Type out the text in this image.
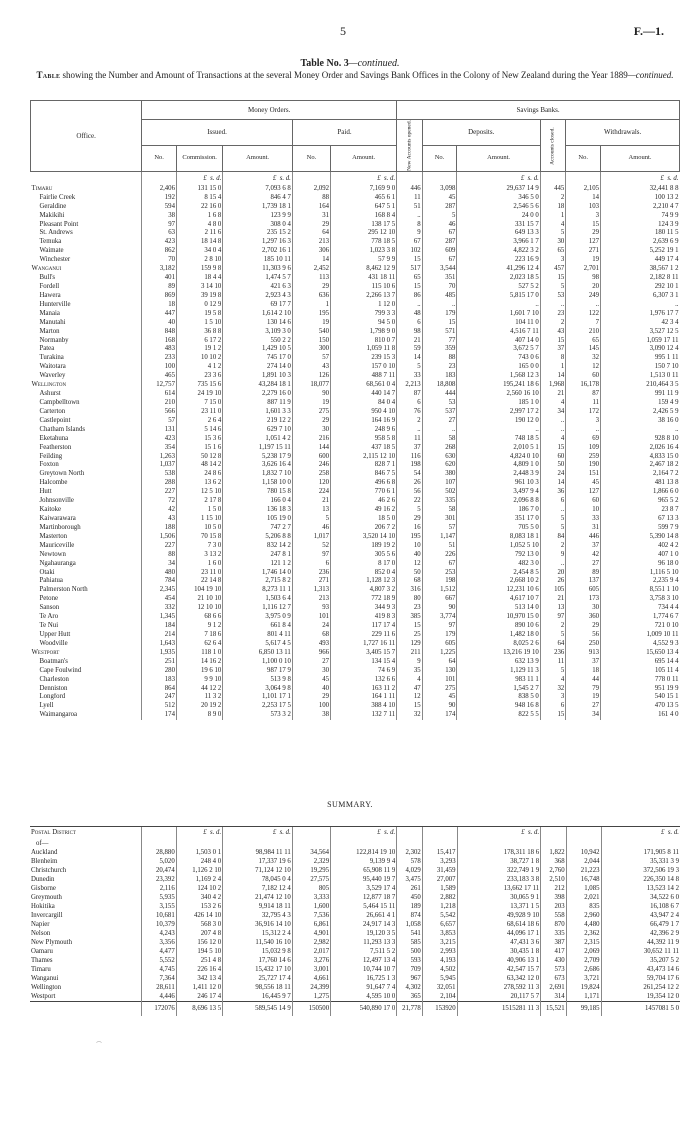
5	F.—1.
Table No. 3—continued.
Table showing the Number and Amount of Transactions at the several Money Order and Savings Bank Offices in the Colony of New Zealand during the Year 1889—continued.
Office.	Money Orders.					Savings Banks.					
	Issued.			Paid.		New Accounts opened.	Deposits.		Accounts closed.	Withdrawals.	
	No.	Commission.	Amount.	No.	Amount.		No.	Amount.		No.	Amount.
		£ s. d.	£ s. d.		£ s. d.			£ s. d.			£ s. d.
Timaru	2,406	131 15 0	7,093 6 8	2,092	7,169 9 0	446	3,098	29,637 14 9	445	2,105	32,441 8 8
Fairlie Creek	192	8 15 4	846 4 7	88	465 6 1	11	45	346 5 0	2	14	100 13 2
Geraldine	594	22 16 0	1,739 18 1	164	647 5 1	51	287	2,546 5 6	18	103	2,210 4 7
Makikihi	38	1 6 8	123 9 9	31	168 8 4	..	5	24 0 0	1	3	74 9 9
Pleasant Point	97	4 8 0	308 0 4	29	138 17 5	8	46	331 15 7	4	15	124 3 9
St. Andrews	63	2 11 6	235 15 2	64	295 12 10	9	67	649 13 3	5	29	180 11 5
Temuka	423	18 14 8	1,297 16 3	213	778 18 5	67	287	3,966 1 7	30	127	2,639 6 9
Waimate	862	34 0 4	2,702 16 1	306	1,023 3 8	102	609	4,822 3 2	65	271	5,252 19 1
Winchester	70	2 8 10	185 10 11	14	57 9 9	15	67	223 16 9	3	19	449 17 4
Wanganui	3,182	159 9 8	11,303 9 6	2,452	8,462 12 9	517	3,544	41,296 12 4	457	2,701	38,567 1 2
Bull's	401	18 4 4	1,474 5 7	113	431 18 11	65	351	2,023 18 5	15	98	2,182 8 11
Fordell	89	3 14 10	421 6 3	29	115 10 6	15	70	527 5 2	5	20	292 10 1
Hawera	869	39 19 8	2,923 4 3	636	2,266 13 7	86	485	5,815 17 0	53	249	6,307 3 1
Hunterville	18	0 12 9	69 17 7	1	1 12 0	..	..	..	..	..	..
Manaia	447	19 5 8	1,614 2 10	195	799 3 3	48	179	1,601 7 10	23	122	1,976 17 7
Manutahi	40	1 5 10	130 14 6	19	94 5 0	6	15	104 11 0	2	7	42 3 4
Marton	848	36 8 8	3,109 3 0	540	1,798 9 0	98	571	4,516 7 11	43	210	3,527 12 5
Normanby	168	6 17 2	550 2 2	150	810 0 7	21	77	407 14 0	15	65	1,059 17 11
Patea	483	19 1 2	1,429 10 5	300	1,059 11 8	59	359	3,672 5 7	37	145	3,090 12 4
Turakina	233	10 10 2	745 17 0	57	239 15 3	14	88	743 0 6	8	32	995 1 11
Waitotara	100	4 1 2	274 14 0	43	157 0 10	5	23	165 0 0	1	12	150 7 10
Waverley	465	23 3 6	1,891 10 3	126	488 7 11	33	183	1,568 12 3	14	60	1,513 0 11
Wellington	12,757	735 15 6	43,284 18 1	18,077	68,561 0 4	2,213	18,808	195,241 18 6	1,968	16,178	210,464 3 5
Ashurst	614	24 19 10	2,279 16 0	90	440 14 7	87	444	2,560 16 10	21	87	991 11 9
Campbelltown	210	7 15 0	887 11 9	19	84 0 4	6	53	185 1 0	4	11	159 4 9
Carterton	566	23 11 0	1,601 3 3	275	950 4 10	76	537	2,997 17 2	34	172	2,426 5 9
Castlepoint	57	2 6 4	219 12 2	29	164 16 9	2	27	190 12 0	..	3	38 16 0
Chatham Islands	131	5 14 6	629 7 10	30	248 9 6	..	..	..	..	..	..
Eketahuna	423	15 3 6	1,051 4 2	216	958 5 8	11	58	748 18 5	4	69	928 8 10
Featherston	354	15 1 6	1,197 15 11	144	437 18 5	37	268	2,010 5 1	15	109	2,026 16 4
Feilding	1,263	50 12 8	5,238 17 9	600	2,115 12 10	116	630	4,824 0 10	60	259	4,833 15 0
Foxton	1,037	48 14 2	3,626 16 4	246	828 7 1	198	620	4,809 1 0	50	190	2,467 18 2
Greytown North	538	24 8 6	1,832 7 10	258	846 7 5	54	380	2,448 3 9	24	151	2,164 7 2
Halcombe	288	13 6 2	1,158 10 0	120	496 6 8	26	107	961 10 3	14	45	481 13 8
Hutt	227	12 5 10	780 15 8	224	770 6 1	56	502	3,497 9 4	36	127	1,866 6 0
Johnsonville	72	2 17 8	166 0 4	21	46 2 6	22	335	2,096 8 8	6	60	965 5 2
Kaitoke	42	1 5 0	136 18 3	13	49 16 2	5	58	186 7 0	..	10	23 8 7
Kaiwarawara	43	1 15 10	105 19 0	5	18 5 0	29	301	351 17 0	5	33	67 13 3
Martinborough	188	10 5 0	747 2 7	46	206 7 2	16	57	705 5 0	5	31	599 7 9
Masterton	1,506	70 15 8	5,206 8 8	1,017	3,520 14 10	195	1,147	8,083 18 1	84	446	5,390 14 8
Mauriceville	227	7 3 0	832 14 2	52	189 19 2	10	51	1,052 5 10	2	37	402 4 2
Newtown	88	3 13 2	247 8 1	97	305 5 6	40	226	792 13 0	9	42	407 1 0
Ngahauranga	34	1 6 0	121 1 2	6	8 17 0	12	67	482 3 0	..	27	96 18 0
Otaki	480	23 11 0	1,746 14 0	236	852 0 4	50	253	2,454 8 5	20	89	1,116 5 10
Pahiatua	784	22 14 8	2,715 8 2	271	1,128 12 3	68	198	2,668 10 2	26	137	2,235 9 4
Palmerston North	2,345	104 19 10	8,273 11 1	1,313	4,807 3 2	316	1,512	12,231 10 6	105	605	8,551 1 10
Petone	454	21 10 10	1,503 6 4	213	772 18 9	80	667	4,617 10 7	21	173	3,758 3 10
Sanson	332	12 10 10	1,116 12 7	93	344 9 3	23	90	513 14 0	13	30	734 4 4
Te Aro	1,345	68 6 6	3,975 0 9	101	419 8 3	385	3,774	10,970 15 0	97	360	1,774 6 7
Te Nui	184	9 1 2	661 8 4	24	117 17 4	15	97	890 10 6	2	29	721 0 10
Upper Hutt	214	7 18 6	801 4 11	68	229 11 6	25	179	1,482 18 0	5	56	1,009 10 11
Woodville	1,643	62 6 4	5,617 4 5	493	1,727 16 11	129	605	8,025 2 6	64	250	4,552 9 3
Westport	1,935	118 1 0	6,850 13 11	966	3,405 15 7	211	1,225	13,216 19 10	236	913	15,650 13 4
Boatman's	251	14 16 2	1,100 0 10	27	134 15 4	9	64	632 13 9	11	37	695 14 4
Cape Foulwind	280	19 6 10	987 17 9	30	74 6 9	35	130	1,129 11 3	5	18	105 11 4
Charleston	183	9 9 10	513 9 8	45	132 6 6	4	101	983 11 1	4	44	778 0 11
Denniston	864	44 12 2	3,064 9 8	40	163 11 2	47	275	1,545 2 7	32	79	951 19 9
Longford	247	11 3 2	1,101 17 1	29	164 1 11	12	45	838 5 0	3	19	540 15 1
Lyell	512	20 19 2	2,253 17 5	100	388 4 10	15	90	948 16 8	6	27	470 13 5
Waimangaroa	174	8 9 0	573 3 2	38	132 7 11	32	174	822 5 5	15	34	161 4 0
SUMMARY.
Postal District		£ s. d.	£ s. d.		£ s. d.			£ s. d.			£ s. d.
of—											
Auckland	28,880	1,503 0 1	98,984 11 11	34,564	122,814 19 10	2,302	15,417	178,311 18 6	1,822	10,942	171,905 8 11
Blenheim	5,020	248 4 0	17,337 19 6	2,329	9,139 9 4	578	3,293	38,727 1 8	368	2,044	35,331 3 9
Christchurch	20,474	1,126 2 10	71,124 12 10	19,295	65,908 11 9	4,029	31,459	322,749 1 9	2,760	21,223	372,506 19 3
Dunedin	23,392	1,169 2 4	78,045 0 4	27,575	95,440 19 7	3,475	27,007	233,183 3 8	2,510	16,748	226,350 14 8
Gisborne	2,116	124 10 2	7,182 12 4	805	3,529 17 4	261	1,589	13,662 17 11	212	1,085	13,523 14 2
Greymouth	5,935	340 4 2	21,474 12 10	3,333	12,877 18 7	450	2,882	30,065 9 1	398	2,021	34,522 6 0
Hokitika	3,155	153 2 6	9,914 18 11	1,600	5,464 15 11	189	1,218	13,371 1 5	203	835	16,108 6 7
Invercargill	10,681	426 14 10	32,795 4 3	7,536	26,661 4 1	874	5,542	49,928 9 10	558	2,960	43,947 2 4
Napier	10,379	568 3 0	36,916 14 10	6,861	24,917 14 3	1,058	6,657	68,614 18 6	870	4,480	66,479 1 7
Nelson	4,243	207 4 8	15,312 2 4	4,901	19,120 3 5	541	3,853	44,096 17 1	335	2,362	42,396 2 9
New Plymouth	3,356	156 12 0	11,540 16 10	2,982	11,293 13 3	585	3,215	47,431 3 6	387	2,315	44,392 11 9
Oamaru	4,477	194 5 10	15,032 9 8	2,017	7,511 5 2	500	2,993	30,435 1 8	417	2,069	30,652 11 11
Thames	5,552	251 4 8	17,760 14 6	3,276	12,497 13 4	593	4,193	40,906 13 1	430	2,709	35,207 5 2
Timaru	4,745	226 16 4	15,432 17 10	3,001	10,744 10 7	709	4,502	42,547 15 7	573	2,686	43,473 14 6
Wanganui	7,364	342 13 4	25,727 17 4	4,661	16,725 1 3	967	5,945	63,342 12 0	673	3,721	59,704 17 6
Wellington	28,611	1,411 12 0	98,556 18 11	24,399	91,647 7 4	4,302	32,051	278,592 11 3	2,691	19,824	261,254 12 2
Westport	4,446	246 17 4	16,445 9 7	1,275	4,595 10 0	365	2,104	20,117 5 7	314	1,171	19,354 12 0
	172076	8,696 13 5	589,545 14 9	150500	540,890 17 0	21,778	153920	1515281 11 3	15,521	99,185	1457081 5 0
⌒
